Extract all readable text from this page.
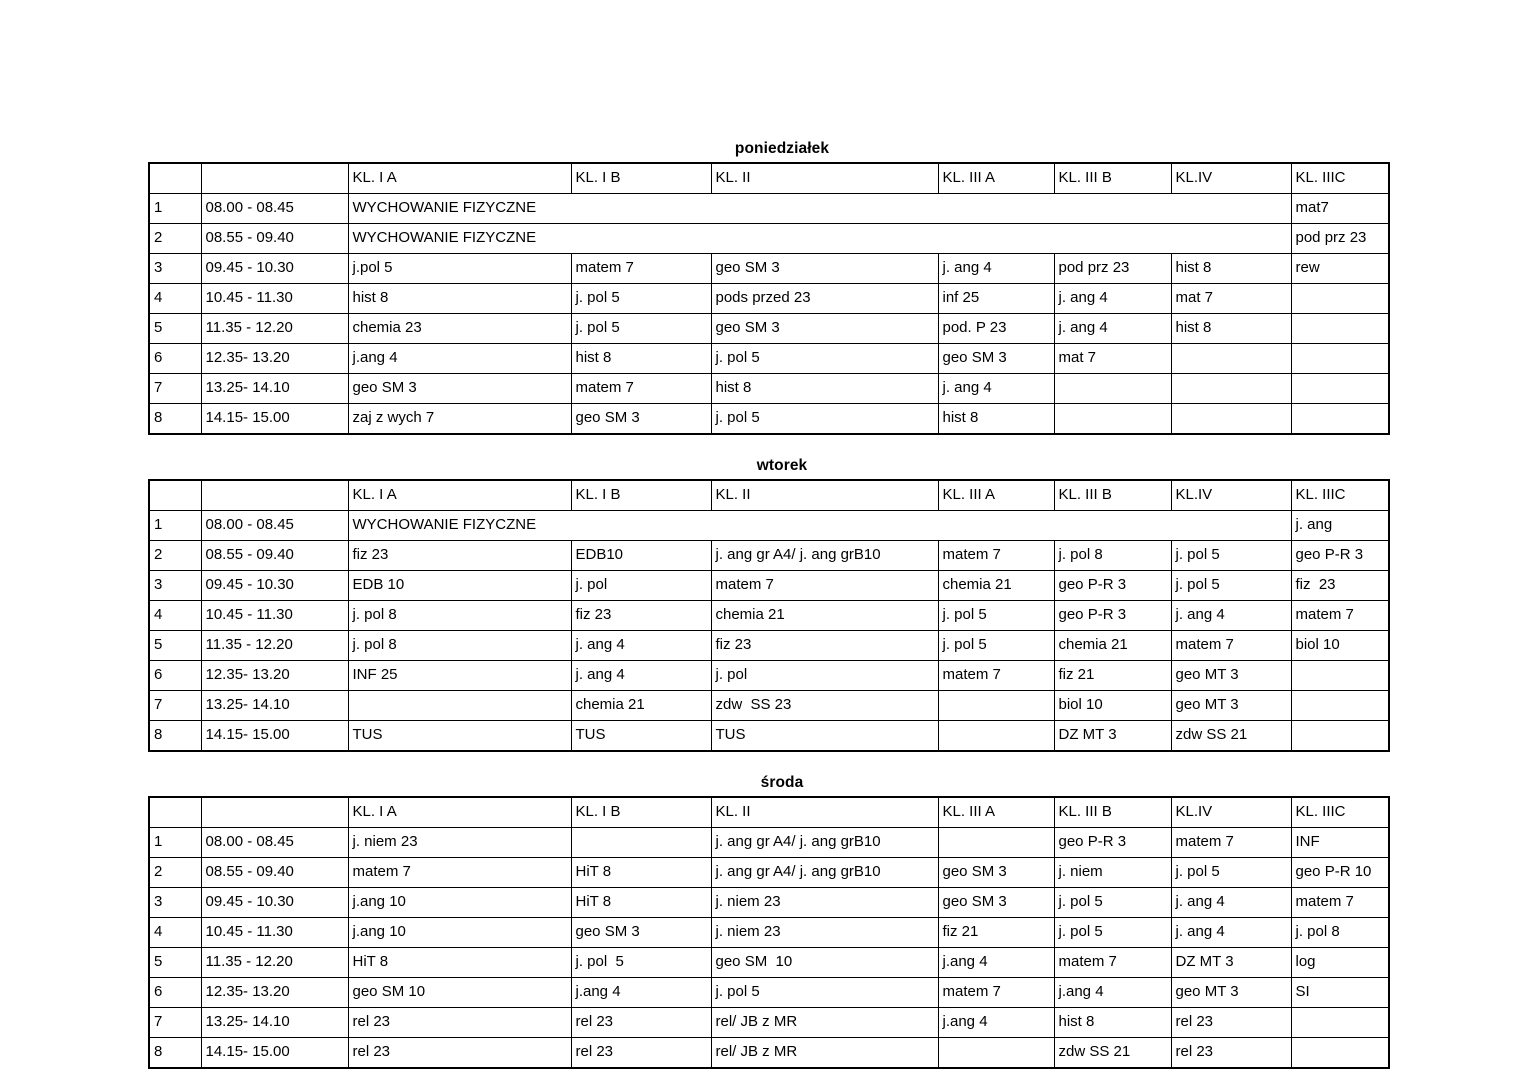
poniedziałek
		KL. I A	KL. I B	KL. II	KL. III A	KL. III B	KL.IV	KL. IIIC
1	08.00 - 08.45	WYCHOWANIE FIZYCZNE						mat7
2	08.55 - 09.40	WYCHOWANIE FIZYCZNE						pod prz 23
3	09.45 - 10.30	j.pol 5	matem 7	geo SM 3	j. ang 4	pod prz 23	hist 8	rew
4	10.45 - 11.30	hist 8	j. pol 5	pods przed 23	inf 25	j. ang 4	mat 7	
5	11.35 - 12.20	chemia 23	j. pol 5	geo SM 3	pod. P 23	j. ang 4	hist 8	
6	12.35- 13.20	j.ang 4	hist 8	j. pol 5	geo SM 3	mat 7		
7	13.25- 14.10	geo SM 3	matem 7	hist 8	j. ang 4			
8	14.15- 15.00	zaj z wych 7	geo SM 3	j. pol 5	hist 8			
wtorek
		KL. I A	KL. I B	KL. II	KL. III A	KL. III B	KL.IV	KL. IIIC
1	08.00 - 08.45	WYCHOWANIE FIZYCZNE						j. ang
2	08.55 - 09.40	fiz 23	EDB10	j. ang gr A4/ j. ang grB10	matem 7	j. pol 8	j. pol 5	geo P-R 3
3	09.45 - 10.30	EDB 10	j. pol	matem 7	chemia 21	geo P-R 3	j. pol 5	fiz  23
4	10.45 - 11.30	j. pol 8	fiz 23	chemia 21	j. pol 5	geo P-R 3	j. ang 4	matem 7
5	11.35 - 12.20	j. pol 8	j. ang 4	fiz 23	j. pol 5	chemia 21	matem 7	biol 10
6	12.35- 13.20	INF 25	j. ang 4	j. pol	matem 7	fiz 21	geo MT 3	
7	13.25- 14.10		chemia 21	zdw  SS 23		biol 10	geo MT 3	
8	14.15- 15.00	TUS	TUS	TUS		DZ MT 3	zdw SS 21	
środa
		KL. I A	KL. I B	KL. II	KL. III A	KL. III B	KL.IV	KL. IIIC
1	08.00 - 08.45	j. niem 23		j. ang gr A4/ j. ang grB10		geo P-R 3	matem 7	INF
2	08.55 - 09.40	matem 7	HiT 8	j. ang gr A4/ j. ang grB10	geo SM 3	j. niem	j. pol 5	geo P-R 10
3	09.45 - 10.30	j.ang 10	HiT 8	j. niem 23	geo SM 3	j. pol 5	j. ang 4	matem 7
4	10.45 - 11.30	j.ang 10	geo SM 3	j. niem 23	fiz 21	j. pol 5	j. ang 4	j. pol 8
5	11.35 - 12.20	HiT 8	j. pol  5	geo SM  10	j.ang 4	matem 7	DZ MT 3	log
6	12.35- 13.20	geo SM 10	j.ang 4	j. pol 5	matem 7	j.ang 4	geo MT 3	SI
7	13.25- 14.10	rel 23	rel 23	rel/ JB z MR	j.ang 4	hist 8	rel 23	
8	14.15- 15.00	rel 23	rel 23	rel/ JB z MR		zdw SS 21	rel 23	
